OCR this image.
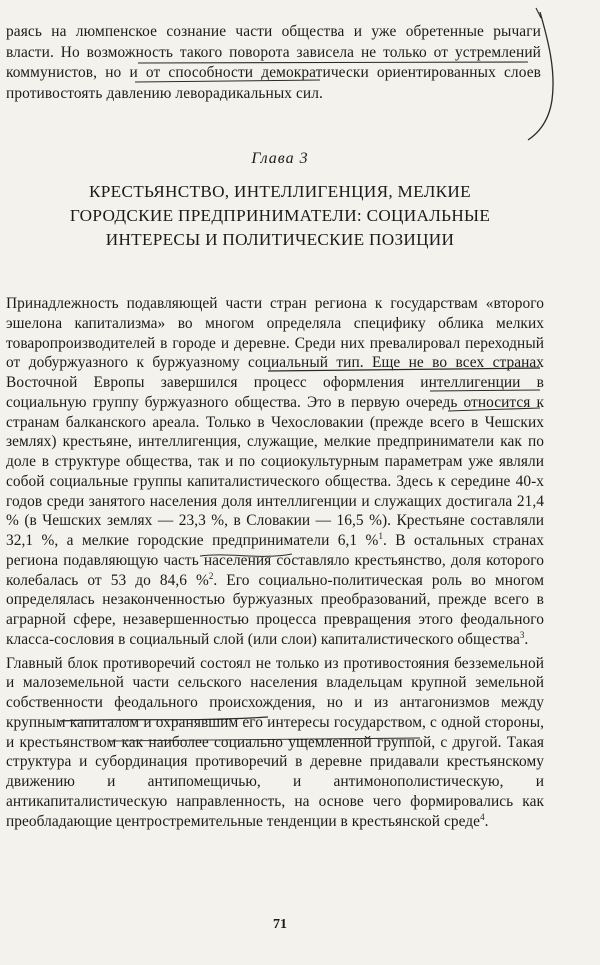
раясь на люмпенское сознание части общества и уже обретенные рычаги власти. Но возможность такого поворота зависела не только от устремлений коммунистов, но и от способности демократически ориентированных слоев противостоять давлению леворадикальных сил.

Глава 3
КРЕСТЬЯНСТВО, ИНТЕЛЛИГЕНЦИЯ, МЕЛКИЕ ГОРОДСКИЕ ПРЕДПРИНИМАТЕЛИ: СОЦИАЛЬНЫЕ ИНТЕРЕСЫ И ПОЛИТИЧЕСКИЕ ПОЗИЦИИ

Принадлежность подавляющей части стран региона к государствам «второго эшелона капитализма» во многом определяла специфику облика мелких товаропроизводителей в городе и деревне. Среди них превалировал переходный от добуржуазного к буржуазному социальный тип. Еще не во всех странах Восточной Европы завершился процесс оформления интеллигенции в социальную группу буржуазного общества. Это в первую очередь относится к странам балканского ареала. Только в Чехословакии (прежде всего в Чешских землях) крестьяне, интеллигенция, служащие, мелкие предприниматели как по доле в структуре общества, так и по социокультурным параметрам уже являли собой социальные группы капиталистического общества. Здесь к середине 40-х годов среди занятого населения доля интеллигенции и служащих достигала 21,4 % (в Чешских землях — 23,3 %, в Словакии — 16,5 %). Крестьяне составляли 32,1 %, а мелкие городские предприниматели 6,1 %$^1$. В остальных странах региона подавляющую часть населения составляло крестьянство, доля которого колебалась от 53 до 84,6 %$^2$. Его социально-политическая роль во многом определялась незаконченностью буржуазных преобразований, прежде всего в аграрной сфере, незавершенностью процесса превращения этого феодального класса-сословия в социальный слой (или слои) капиталистического общества$^3$.

Главный блок противоречий состоял не только из противостояния безземельной и малоземельной части сельского населения владельцам крупной земельной собственности феодального происхождения, но и из антагонизмов между крупным капиталом и охранявшим его интересы государством, с одной стороны, и крестьянством как наиболее социально ущемленной группой, с другой. Такая структура и субординация противоречий в деревне придавали крестьянскому движению и антипомещичью, и антимонополистическую, и антикапиталистическую направленность, на основе чего формировались как преобладающие центростремительные тенденции в крестьянской среде$^4$.

71
